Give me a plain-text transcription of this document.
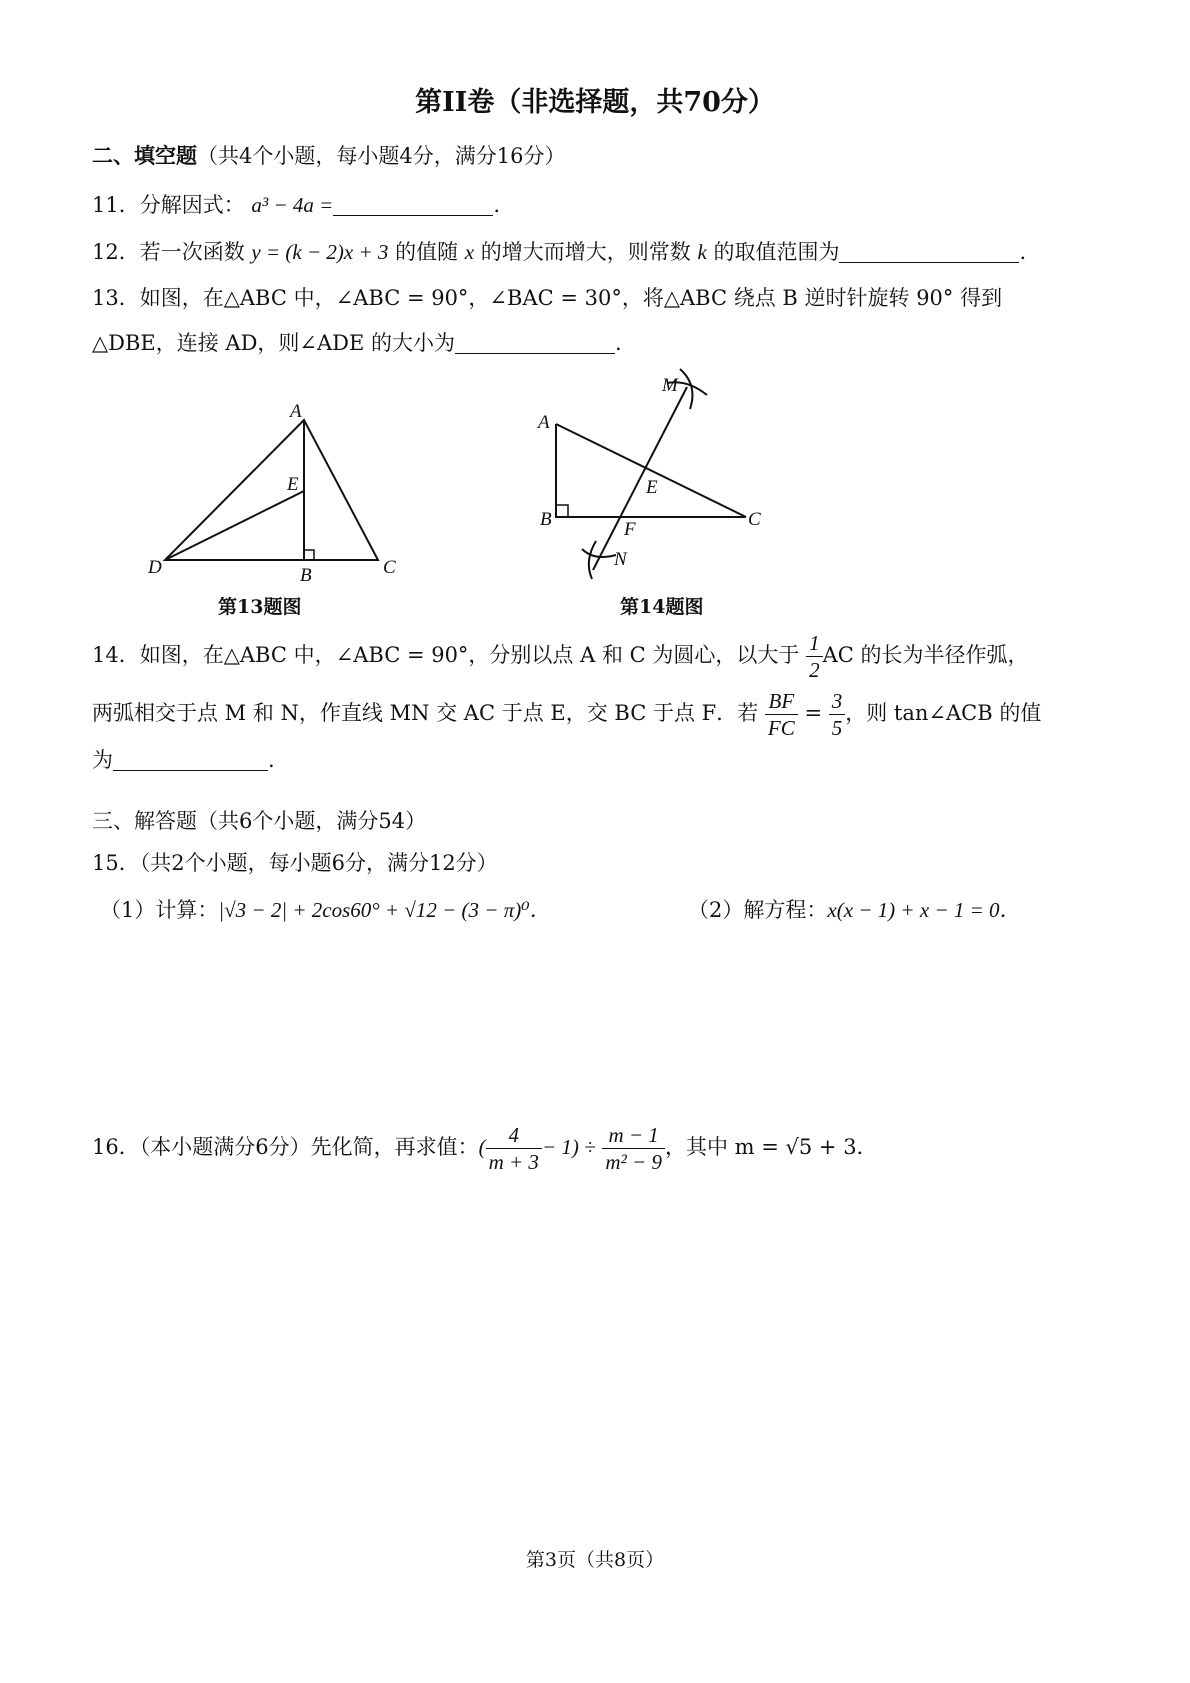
第II卷（非选择题，共70分）
二、填空题（共4个小题，每小题4分，满分16分）
11．分解因式： a³ − 4a =	.
12．若一次函数 y = (k − 2)x + 3 的值随 x 的增大而增大，则常数 k 的取值范围为	.
13．如图，在△ABC 中，∠ABC = 90°，∠BAC = 30°，将△ABC 绕点 B 逆时针旋转 90° 得到
△DBE，连接 AD，则∠ADE 的大小为	.
A
E
B	C
D
第13题图
M
A
E
B	F	C
N
第14题图
14．如图，在△ABC 中，∠ABC = 90°，分别以点 A 和 C 为圆心，以大于 $\frac{1}{2}$ AC 的长为半径作弧，
两弧相交于点 M 和 N，作直线 MN 交 AC 于点 E，交 BC 于点 F．若 $\frac{BF}{FC} = \frac{3}{5}$ ，则 tan∠ACB 的值
为	.
三、解答题（共6个小题，满分54）
15．（共2个小题，每小题6分，满分12分）
（1）计算：|√3 − 2| + 2cos60° + √12 − (3 − π)⁰．	（2）解方程：x(x − 1) + x − 1 = 0．
16．（本小题满分6分）先化简，再求值：( $\frac{4}{m + 3} - 1) \div \frac{m - 1}{\text{m² − 9}}$ ，其中 m = √5 + 3．
第3页（共8页）
